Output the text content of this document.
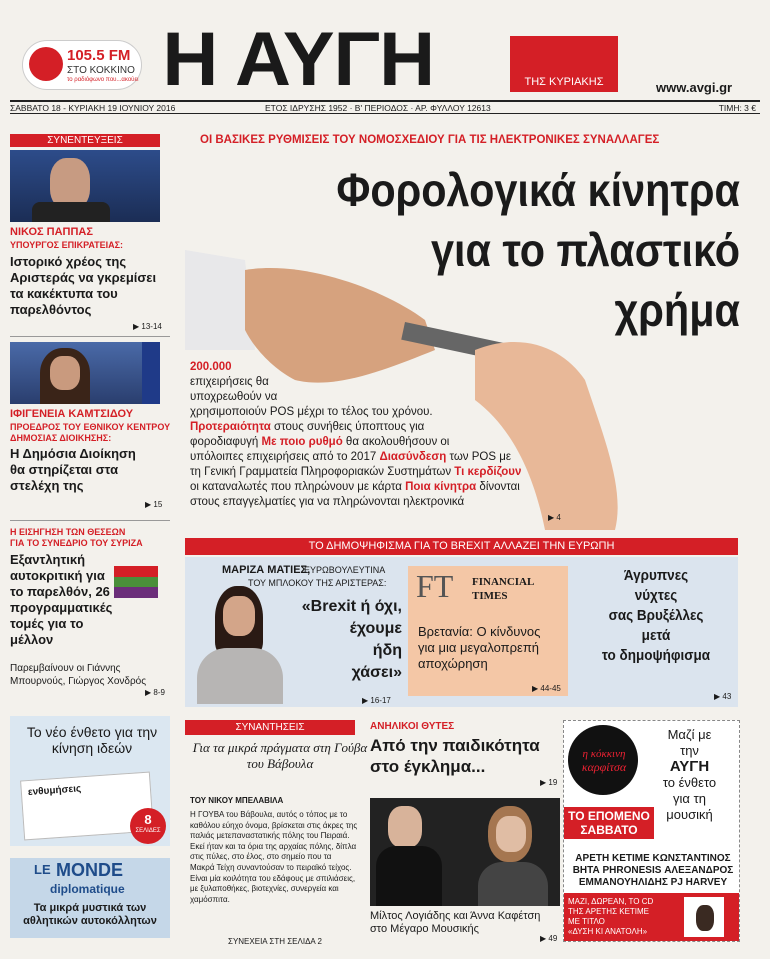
105.5 FM
ΣΤΟ ΚΟΚΚΙΝΟ
το ραδιόφωνο που...ακούει Η ΑΥΓΗ	ΤΗΣ ΚΥΡΙΑΚΗΣ	www.avgi.gr
ΣΑΒΒΑΤΟ 18 - ΚΥΡΙΑΚΗ 19 ΙΟΥΝΙΟΥ 2016	ΕΤΟΣ ΙΔΡΥΣΗΣ 1952 · Β' ΠΕΡΙΟΔΟΣ · ΑΡ. ΦΥΛΛΟΥ 12613	ΤΙΜΗ: 3 €
ΣΥΝΕΝΤΕΥΞΕΙΣ
ΝΙΚΟΣ ΠΑΠΠΑΣ
ΥΠΟΥΡΓΟΣ ΕΠΙΚΡΑΤΕΙΑΣ:
Ιστορικό χρέος της Αριστεράς να γκρεμίσει τα κακέκτυπα του παρελθόντος
▶ 13-14
ΙΦΙΓΕΝΕΙΑ ΚΑΜΤΣΙΔΟΥ
ΠΡΟΕΔΡΟΣ ΤΟΥ ΕΘΝΙΚΟΥ ΚΕΝΤΡΟΥ
ΔΗΜΟΣΙΑΣ ΔΙΟΙΚΗΣΗΣ:
Η Δημόσια Διοίκηση θα στηρίζεται στα στελέχη της
▶ 15
Η ΕΙΣΗΓΗΣΗ ΤΩΝ ΘΕΣΕΩΝ
ΓΙΑ ΤΟ ΣΥΝΕΔΡΙΟ ΤΟΥ ΣΥΡΙΖΑ
Εξαντλητική αυτοκριτική για το παρελθόν, 26 προγραμματικές τομές για το μέλλον
Παρεμβαίνουν οι Γιάννης Μπουρνούς, Γιώργος Χονδρός
▶ 8-9
Το νέο ένθετο για την κίνηση ιδεών
ενθυμήσεις
8
ΣΕΛΙΔΕΣ
LE MONDE
diplomatique
Τα μικρά μυστικά των αθλητικών αυτοκόλλητων
ΟΙ ΒΑΣΙΚΕΣ ΡΥΘΜΙΣΕΙΣ ΤΟΥ ΝΟΜΟΣΧΕΔΙΟΥ ΓΙΑ ΤΙΣ ΗΛΕΚΤΡΟΝΙΚΕΣ ΣΥΝΑΛΛΑΓΕΣ
Φορολογικά κίνητρα
για το πλαστικό
χρήμα
200.000
επιχειρήσεις θα
υποχρεωθούν να
χρησιμοποιούν POS μέχρι το τέλος του χρόνου.
Προτεραιότητα στους συνήθεις ύποπτους για
φοροδιαφυγή Με ποιο ρυθμό θα ακολουθήσουν οι
υπόλοιπες επιχειρήσεις από το 2017 Διασύνδεση των POS με
τη Γενική Γραμματεία Πληροφοριακών Συστημάτων Τι κερδίζουν
οι καταναλωτές που πληρώνουν με κάρτα Ποια κίνητρα δίνονται
στους επαγγελματίες για να πληρώνονται ηλεκτρονικά
▶ 4
ΤΟ ΔΗΜΟΨΗΦΙΣΜΑ ΓΙΑ ΤΟ BREXIT ΑΛΛΑΖΕΙ ΤΗΝ ΕΥΡΩΠΗ
ΜΑΡΙΖΑ ΜΑΤΙΕΣ,
ΕΥΡΩΒΟΥΛΕΥΤΙΝΑ
ΤΟΥ ΜΠΛΟΚΟΥ ΤΗΣ ΑΡΙΣΤΕΡΑΣ:
«Brexit ή όχι,
έχουμε
ήδη
χάσει»
▶ 16-17
FT FINANCIAL
TIMES
Βρετανία: Ο κίνδυνος για μια μεγαλοπρεπή αποχώρηση
▶ 44-45
Άγρυπνες
νύχτες
σας Βρυξέλλες
μετά
το δημοψήφισμα
▶ 43
ΣΥΝΑΝΤΗΣΕΙΣ
Για τα μικρά πράγματα στη Γούβα του Βάβουλα
ΤΟΥ ΝΙΚΟΥ ΜΠΕΛΑΒΙΛΑ
Η ΓΟΥΒΑ του Βάβουλα, αυτός ο τόπος με το καθόλου εύηχο όνομα, βρίσκεται στις άκρες της παλιάς μετεπαναστατικής πόλης του Πειραιά. Εκεί ήταν και τα όρια της αρχαίας πόλης, δίπλα στις πύλες, στο έλος, στο σημείο που τα Μακρά Τείχη συναντούσαν το πειραϊκό τείχος. Είναι μία κοιλότητα του εδάφους με σπιλιάσεις, με ξυλαποθήκες, βιοτεχνίες, συνεργεία και χαμόσπιτα.
ΣΥΝΕΧΕΙΑ ΣΤΗ ΣΕΛΙΔΑ 2
ΑΝΗΛΙΚΟΙ ΘΥΤΕΣ
Από την παιδικότητα στο έγκλημα...
▶ 19
Μίλτος Λογιάδης και Άννα Καφέτση στο Μέγαρο Μουσικής
▶ 49
η κόκκινη
καρφίτσα
Μαζί με
την
ΑΥΓΗ
το ένθετο
για τη
μουσική
ΤΟ ΕΠΟΜΕΝΟ ΣΑΒΒΑΤΟ
ΑΡΕΤΗ ΚΕΤΙΜΕ ΚΩΝΣΤΑΝΤΙΝΟΣ
ΒΗΤΑ PHRONESIS ΑΛΕΞΑΝΔΡΟΣ
ΕΜΜΑΝΟΥΗΛΙΔΗΣ PJ HARVEY
ΜΑΖΙ, ΔΩΡΕΑΝ, ΤΟ CD
ΤΗΣ ΑΡΕΤΗΣ ΚΕΤΙΜΕ
ΜΕ ΤΙΤΛΟ
«ΔΥΣΗ ΚΙ ΑΝΑΤΟΛΗ»
